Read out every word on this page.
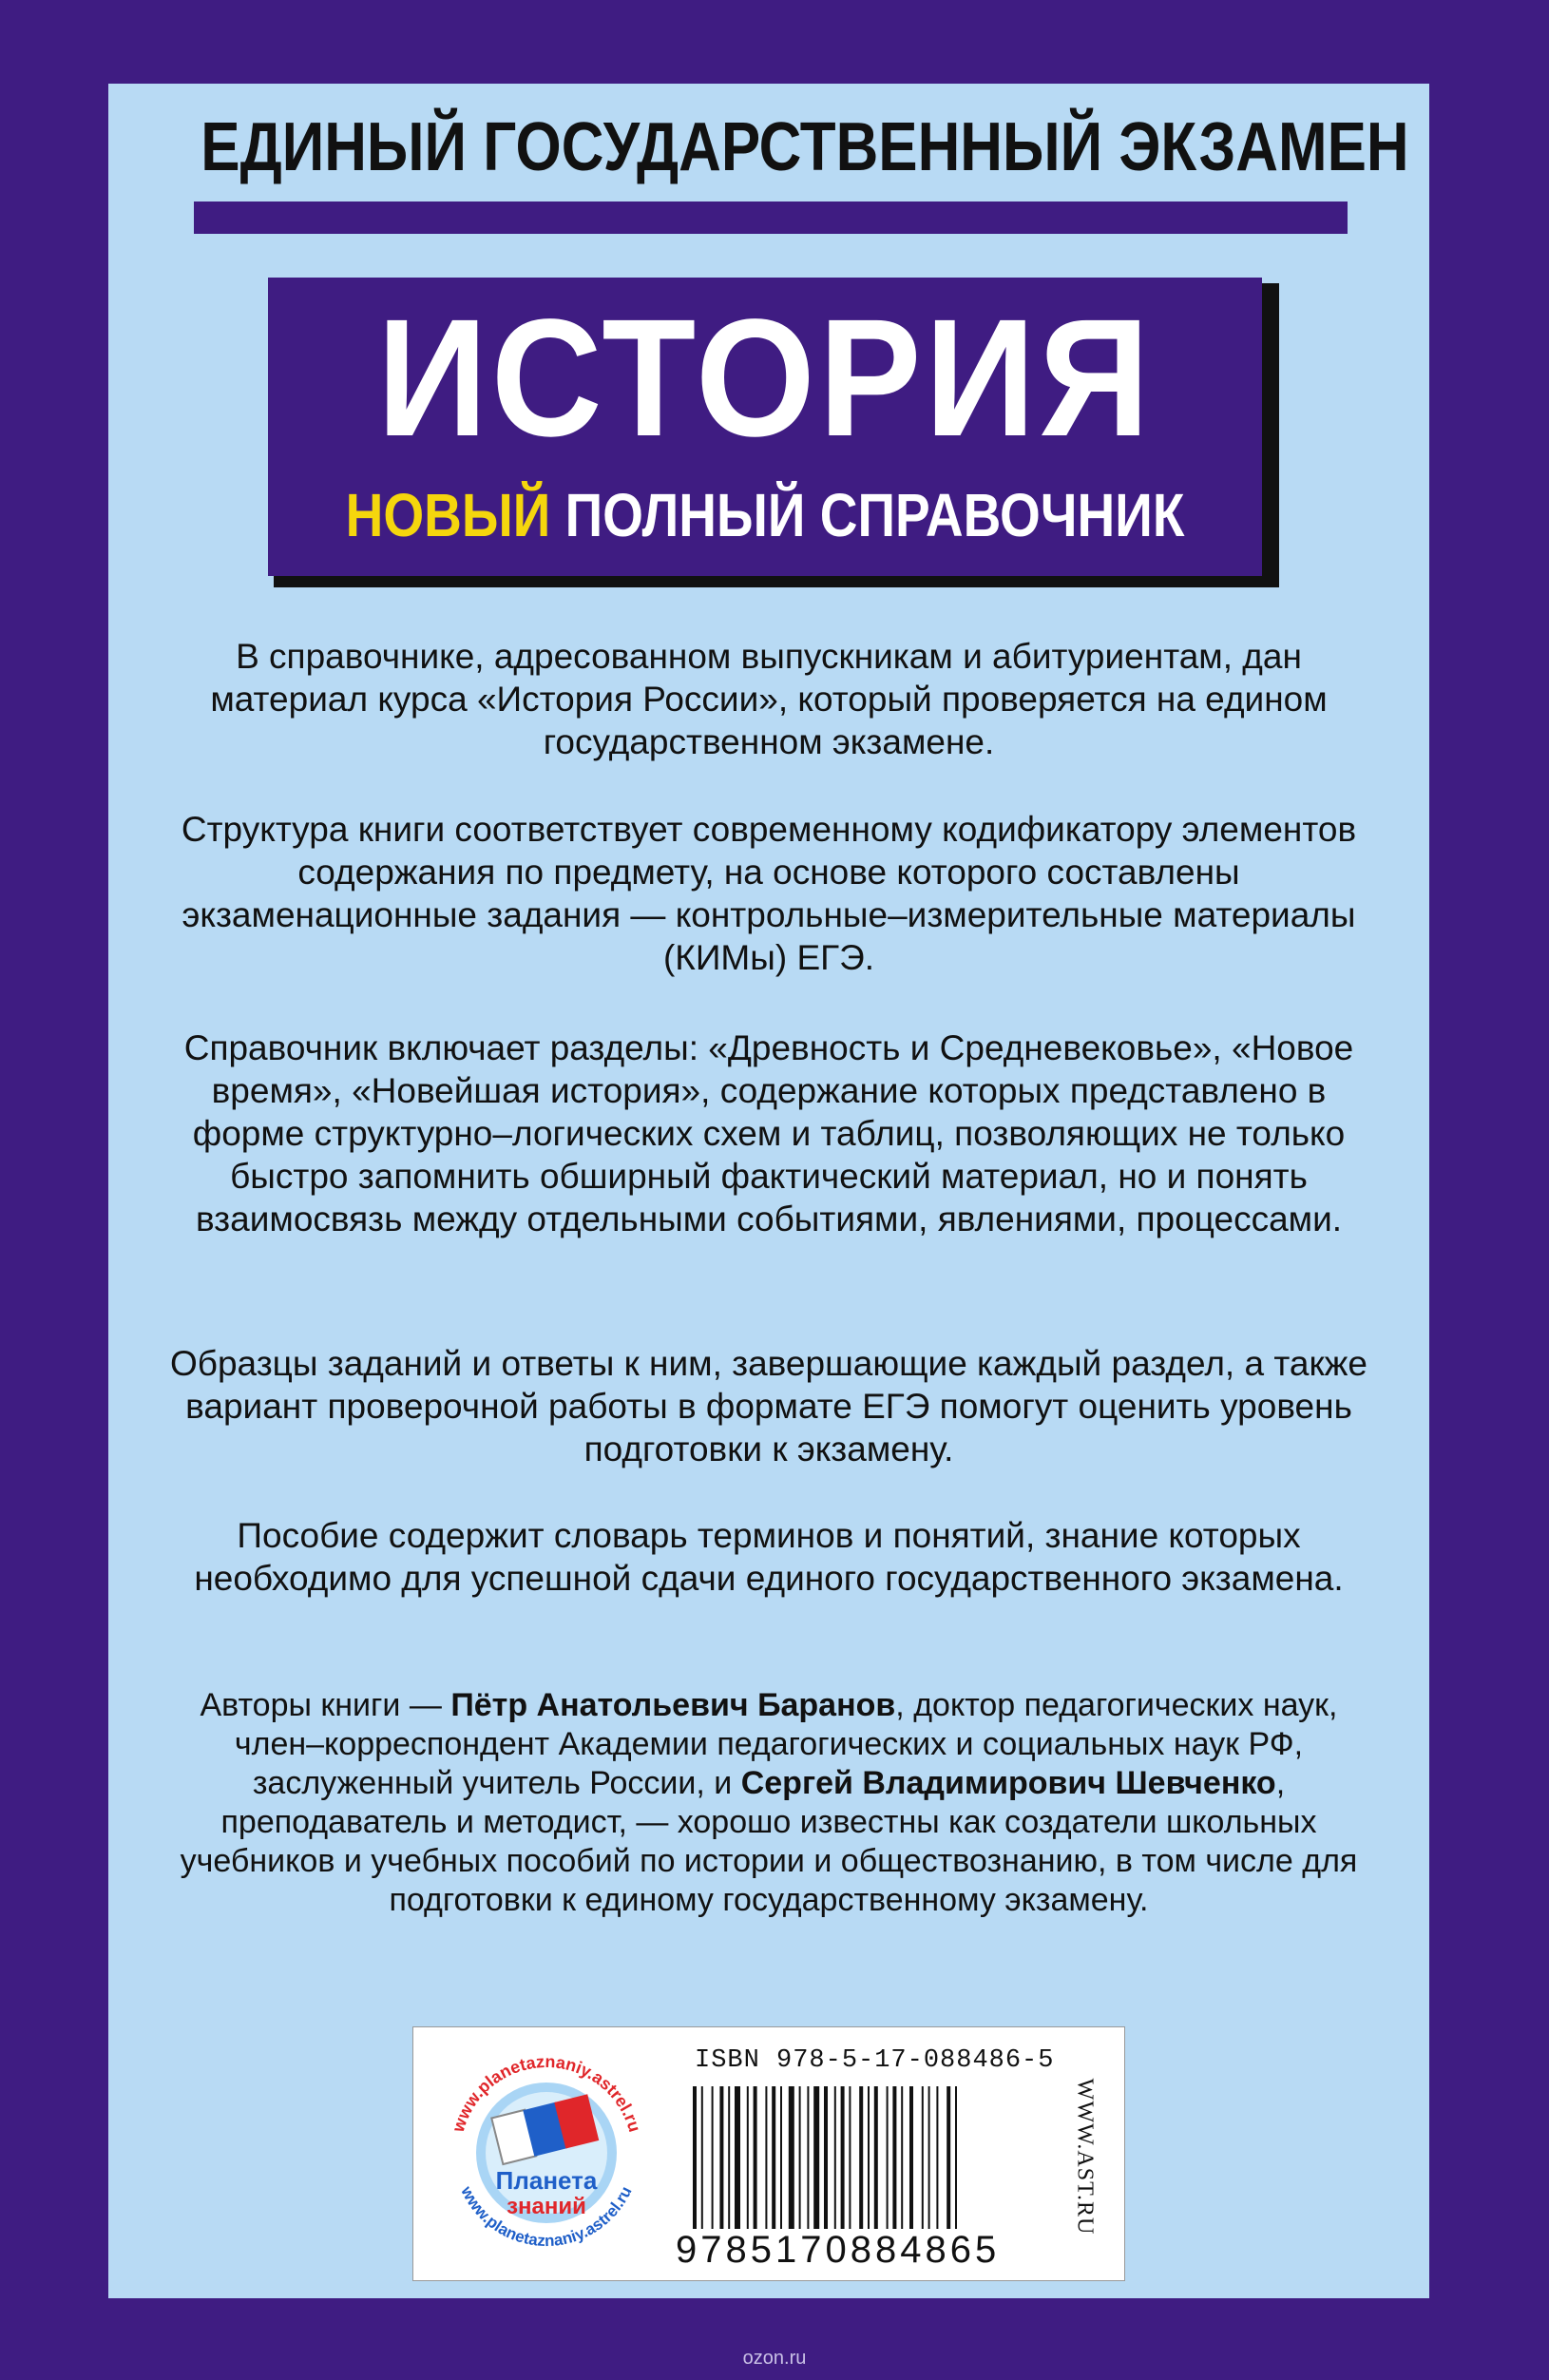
ЕДИНЫЙ ГОСУДАРСТВЕННЫЙ ЭКЗАМЕН
ИСТОРИЯ
НОВЫЙ ПОЛНЫЙ СПРАВОЧНИК

В справочнике, адресованном выпускникам и абитуриентам, дан материал курса «История России», который проверяется на едином государственном экзамене.

Структура книги соответствует современному кодификатору элементов содержания по предмету, на основе которого составлены экзаменационные задания — контрольные–измерительные материалы (КИМы) ЕГЭ.

Справочник включает разделы: «Древность и Средневековье», «Новое время», «Новейшая история», содержание которых представлено в форме структурно–логических схем и таблиц, позволяющих не только быстро запомнить обширный фактический материал, но и понять взаимосвязь между отдельными событиями, явлениями, процессами.

Образцы заданий и ответы к ним, завершающие каждый раздел, а также вариант проверочной работы в формате ЕГЭ помогут оценить уровень подготовки к экзамену.

Пособие содержит словарь терминов и понятий, знание которых необходимо для успешной сдачи единого государственного экзамена.

Авторы книги — Пётр Анатольевич Баранов, доктор педагогических наук, член–корреспондент Академии педагогических и социальных наук РФ, заслуженный учитель России, и Сергей Владимирович Шевченко, преподаватель и методист, — хорошо известны как создатели школьных учебников и учебных пособий по истории и обществознанию, в том числе для подготовки к единому государственному экзамену.
Планета
знаний
www.planetaznaniy.astrel.ru
www.planetaznaniy.astrel.ru
ISBN 978-5-17-088486-5
9785170884865
WWW.AST.RU
ozon.ru
